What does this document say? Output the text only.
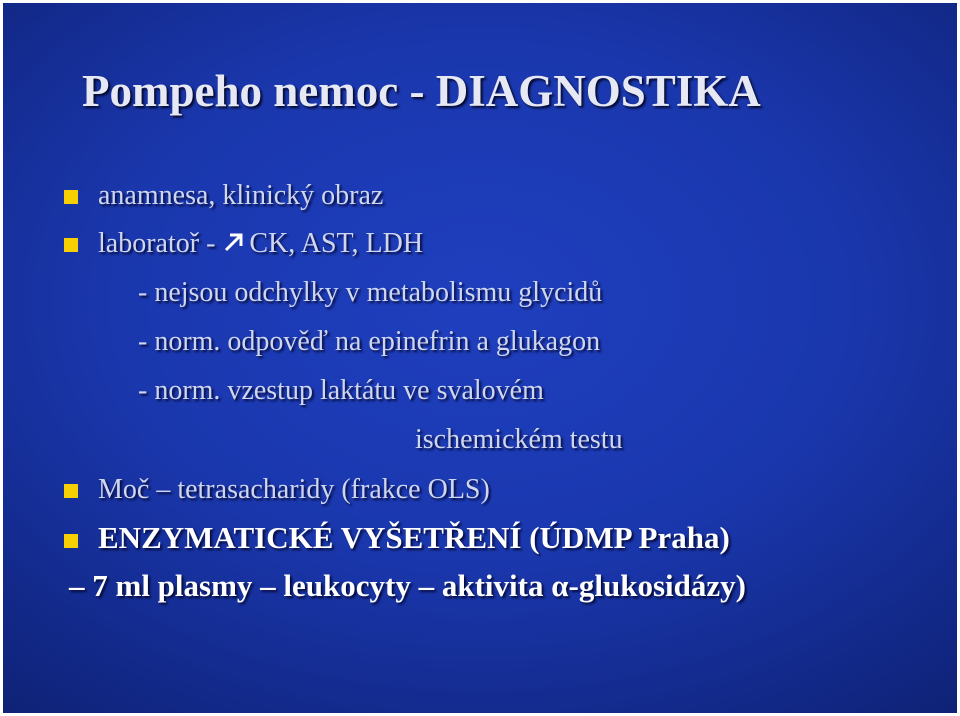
Pompeho nemoc - DIAGNOSTIKA
anamnesa, klinický obraz
laboratoř - CK, AST, LDH
- nejsou odchylky v metabolismu glycidů
- norm. odpověď na epinefrin a glukagon
- norm. vzestup laktátu ve svalovém
ischemickém testu
Moč – tetrasacharidy (frakce OLS)
ENZYMATICKÉ VYŠETŘENÍ (ÚDMP Praha)
– 7 ml plasmy – leukocyty – aktivita α-glukosidázy)
